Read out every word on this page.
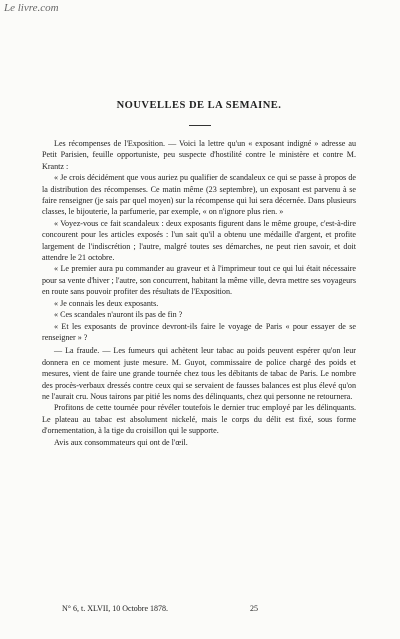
Le livre.com
NOUVELLES DE LA SEMAINE.

Les récompenses de l'Exposition. — Voici la lettre qu'un « exposant indigné » adresse au Petit Parisien, feuille opportuniste, peu suspecte d'hostilité contre le ministère et contre M. Krantz :

« Je crois décidément que vous auriez pu qualifier de scandaleux ce qui se passe à propos de la distribution des récompenses. Ce matin même (23 septembre), un exposant est parvenu à se faire renseigner (je sais par quel moyen) sur la récompense qui lui sera décernée. Dans plusieurs classes, le bijouterie, la parfumerie, par exemple, « on n'ignore plus rien. »

« Voyez-vous ce fait scandaleux : deux exposants figurent dans le même groupe, c'est-à-dire concourent pour les articles exposés : l'un sait qu'il a obtenu une médaille d'argent, et profite largement de l'indiscrétion ; l'autre, malgré toutes ses démarches, ne peut rien savoir, et doit attendre le 21 octobre.

« Le premier aura pu commander au graveur et à l'imprimeur tout ce qui lui était nécessaire pour sa vente d'hiver ; l'autre, son concurrent, habitant la même ville, devra mettre ses voyageurs en route sans pouvoir profiter des résultats de l'Exposition.

« Je connais les deux exposants.

« Ces scandales n'auront ils pas de fin ?

« Et les exposants de province devront-ils faire le voyage de Paris « pour essayer de se renseigner » ?

— La fraude. — Les fumeurs qui achètent leur tabac au poids peuvent espérer qu'on leur donnera en ce moment juste mesure. M. Guyot, commissaire de police chargé des poids et mesures, vient de faire une grande tournée chez tous les débitants de tabac de Paris. Le nombre des procès-verbaux dressés contre ceux qui se servaient de fausses balances est plus élevé qu'on ne l'aurait cru. Nous tairons par pitié les noms des délinquants, chez qui personne ne retournera.

Profitons de cette tournée pour révéler toutefois le dernier truc employé par les délinquants. Le plateau au tabac est absolument nickelé, mais le corps du délit est fixé, sous forme d'ornementation, à la tige du croisillon qui le supporte.

Avis aux consommateurs qui ont de l'œil.

N° 6, t. XLVII, 10 Octobre 1878.	25
